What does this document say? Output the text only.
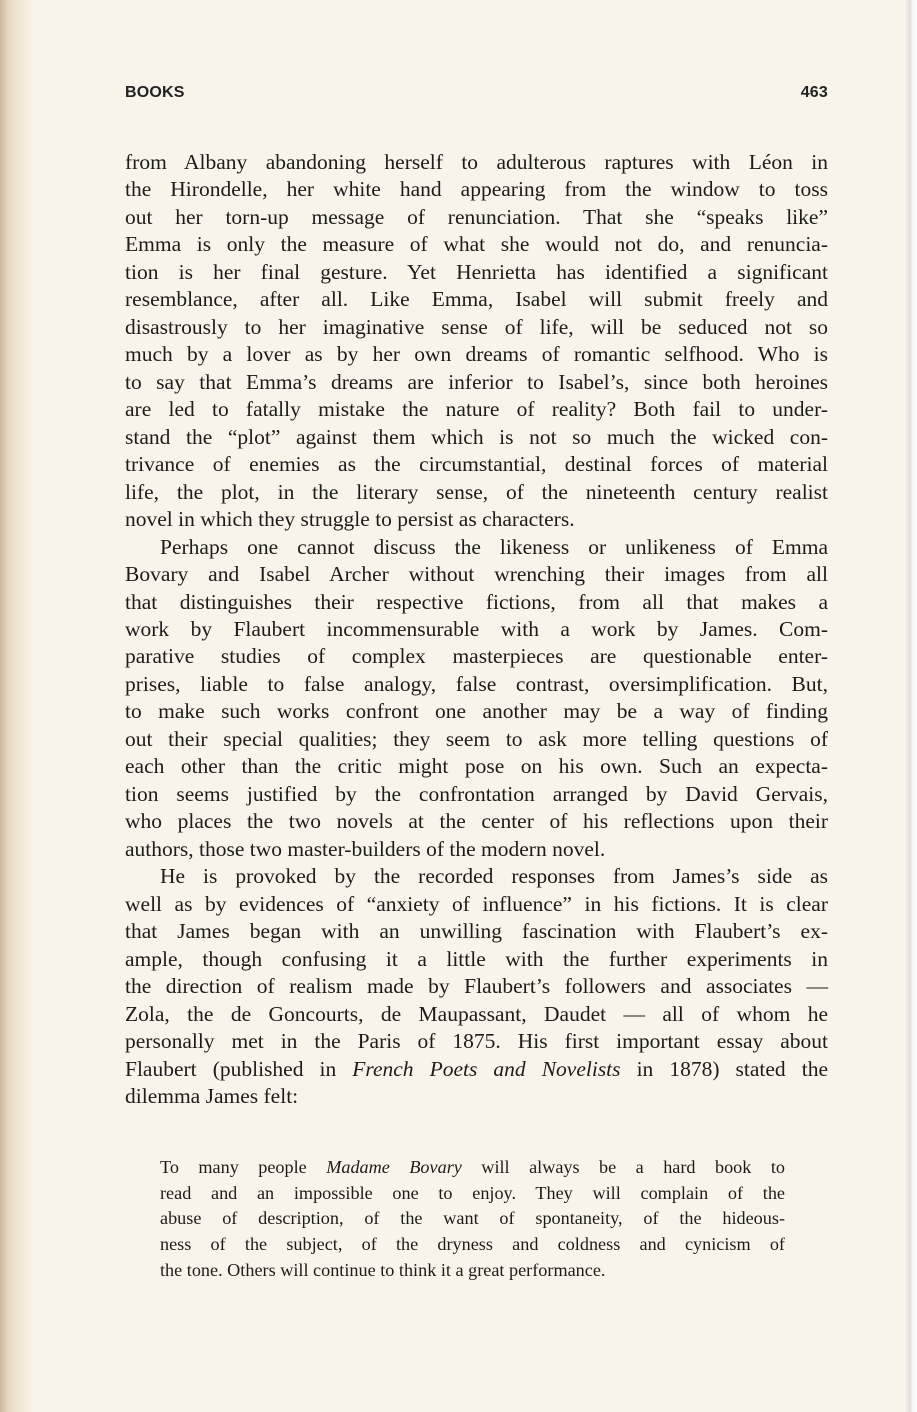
BOOKS	463
from Albany abandoning herself to adulterous raptures with Léon in
the Hirondelle, her white hand appearing from the window to toss
out her torn-up message of renunciation. That she “speaks like”
Emma is only the measure of what she would not do, and renuncia-
tion is her final gesture. Yet Henrietta has identified a significant
resemblance, after all. Like Emma, Isabel will submit freely and
disastrously to her imaginative sense of life, will be seduced not so
much by a lover as by her own dreams of romantic selfhood. Who is
to say that Emma’s dreams are inferior to Isabel’s, since both heroines
are led to fatally mistake the nature of reality? Both fail to under-
stand the “plot” against them which is not so much the wicked con-
trivance of enemies as the circumstantial, destinal forces of material
life, the plot, in the literary sense, of the nineteenth century realist
novel in which they struggle to persist as characters.
Perhaps one cannot discuss the likeness or unlikeness of Emma
Bovary and Isabel Archer without wrenching their images from all
that distinguishes their respective fictions, from all that makes a
work by Flaubert incommensurable with a work by James. Com-
parative studies of complex masterpieces are questionable enter-
prises, liable to false analogy, false contrast, oversimplification. But,
to make such works confront one another may be a way of finding
out their special qualities; they seem to ask more telling questions of
each other than the critic might pose on his own. Such an expecta-
tion seems justified by the confrontation arranged by David Gervais,
who places the two novels at the center of his reflections upon their
authors, those two master-builders of the modern novel.
He is provoked by the recorded responses from James’s side as
well as by evidences of “anxiety of influence” in his fictions. It is clear
that James began with an unwilling fascination with Flaubert’s ex-
ample, though confusing it a little with the further experiments in
the direction of realism made by Flaubert’s followers and associates —
Zola, the de Goncourts, de Maupassant, Daudet — all of whom he
personally met in the Paris of 1875. His first important essay about
Flaubert (published in French Poets and Novelists in 1878) stated the
dilemma James felt:
To many people Madame Bovary will always be a hard book to
read and an impossible one to enjoy. They will complain of the
abuse of description, of the want of spontaneity, of the hideous-
ness of the subject, of the dryness and coldness and cynicism of
the tone. Others will continue to think it a great performance.
